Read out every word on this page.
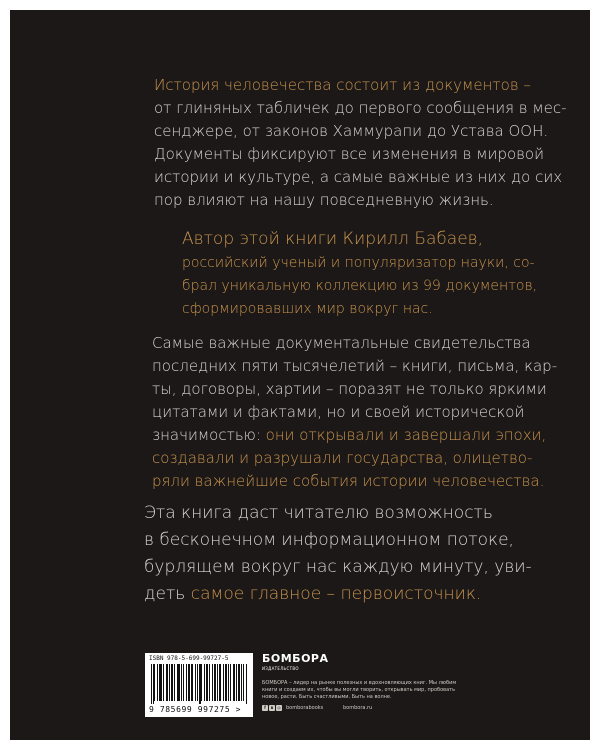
История человечества состоит из документов –
от глиняных табличек до первого сообщения в мес-
сенджере, от законов Хаммурапи до Устава ООН.
Документы фиксируют все изменения в мировой
истории и культуре, а самые важные из них до сих
пор влияют на нашу повседневную жизнь.

Автор этой книги Кирилл Бабаев,
российский ученый и популяризатор науки, со-
брал уникальную коллекцию из 99 документов,
сформировавших мир вокруг нас.

Самые важные документальные свидетельства
последних пяти тысячелетий – книги, письма, кар-
ты, договоры, хартии – поразят не только яркими
цитатами и фактами, но и своей исторической
значимостью: они открывали и завершали эпохи,
создавали и разрушали государства, олицетво-
ряли важнейшие события истории человечества.

Эта книга даст читателю возможность
в бесконечном информационном потоке,
бурлящем вокруг нас каждую минуту, уви-
деть самое главное – первоисточник.

ISBN 978-5-699-99727-5
9 785699 997275 >
БОМБОРА
ИЗДАТЕЛЬСТВО

БОМБОРА – лидер на рынке полезных и вдохновляющих книг. Мы любим книги и создаем их, чтобы вы могли творить, открывать мир, пробовать новое, расти. Быть счастливыми. Быть на волне.

f	в ◎ bomborabooks	bombora.ru
